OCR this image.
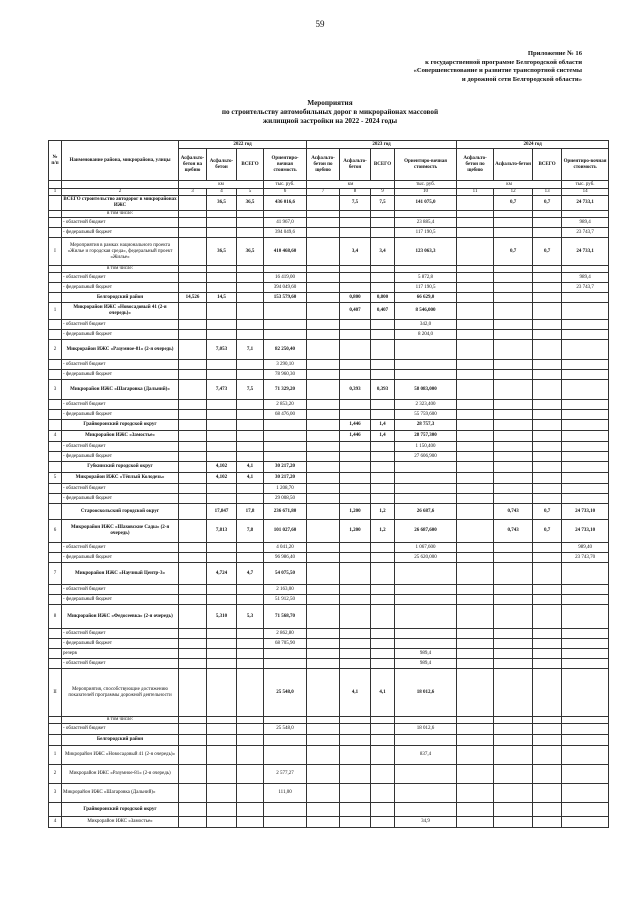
59
Приложение № 16
к государственной программе Белгородской области
«Совершенствование и развитие транспортной системы
и дорожной сети Белгородской области»
Мероприятия
по строительству автомобильных дорог в микрорайонах массовой
жилищной застройки на 2022 - 2024 годы
№ п/п	Наименование района, микрорайона, улицы	2022 год				2023 год				2024 год			
		Асфальто-бетон на щебню	Асфальто-бетон	ВСЕГО	Ориентиро-вочная стоимость	Асфальто-бетон по щебню	Асфальто-бетон	ВСЕГО	Ориентиро-вочная стоимость	Асфальто-бетон по щебню	Асфальто-бетон	ВСЕГО	Ориентиро-вочная стоимость
		км			тыс. руб.	км			тыс. руб.	км			тыс. руб.
1	2	3	4	5	6	7	8	9	10	11	12	13	14
	ВСЕГО строительство автодорог в микрорайонах ИЖС		36,5	36,5	436 016,6		7,5	7,5	141 075,0		0,7	0,7	24 733,1
	в том числе:												
	- областной бюджет				41 967,0				23 885,4				989,4
	- федеральный бюджет				394 049,6				117 190,5				23 743,7
I	Мероприятия в рамках национального проекта «Жилье и городская среда», федеральный проект «Жилье»		36,5	36,5	410 468,60		3,4	3,4	123 063,3		0,7	0,7	24 733,1
	в том числе:												
	- областной бюджет				16 419,00				5 872,8				989,4
	- федеральный бюджет				394 049,60				117 190,5				23 743,7
	Белгородский район	14,526	14,5		153 579,60		0,800	0,800	66 629,0				
1	Микрорайон ИЖС «Новосадовый 41 (2-я очередь)»						0,407	0,407	8 546,000				
	- областной бюджет								342,0				
	- федеральный бюджет								8 204,0				
2	Микрорайон ИЖС «Разумное-81» (2-я очередь)		7,053	7,1	82 250,40								
	- областной бюджет				3 290,10								
	- федеральный бюджет				78 960,30								
3	Микрорайон ИЖС «Шагаровка (Дальний)»		7,473	7,5	71 329,20		0,393	0,393	58 083,000				
	- областной бюджет				2 853,20				2 323,400				
	- федеральный бюджет				68 476,00				55 759,600				
	Грайворонский городской округ						1,446	1,4	28 757,3				
4	Микрорайон ИЖС «Замостье»						1,446	1,4	28 757,300				
	- областной бюджет								1 150,400				
	- федеральный бюджет								27 606,900				
	Губкинский городской округ		4,102	4,1	30 217,20								
5	Микрорайон ИЖС «Тёплый Колодезь»		4,102	4,1	30 217,20								
	- областной бюджет				1 208,70								
	- федеральный бюджет				29 008,50								
	Старооскольский городской округ		17,847	17,8	236 671,80		1,200	1,2	26 687,6		0,743	0,7	24 733,10
6	Микрорайон ИЖС «Шаховские Сады» (2-я очередь)		7,813	7,8	101 027,60		1,200	1,2	26 687,600		0,743	0,7	24 733,10
	- областной бюджет				4 041,20				1 067,600				989,40
	- федеральный бюджет				96 986,40				25 620,000				23 743,70
7	Микрорайон ИЖС «Научный Центр-3»		4,724	4,7	54 075,50								
	- областной бюджет				2 163,00								
	- федеральный бюджет				51 912,50								
8	Микрорайон ИЖС «Федосеевка» (2-я очередь)		5,310	5,3	71 568,70								
	- областной бюджет				2 862,80								
	- федеральный бюджет				68 705,90								
	резерв								989,4				
	- областной бюджет								989,4				
II	Мероприятия, способствующие достижению показателей программы дорожной деятельности				25 548,0		4,1	4,1	18 012,6				
	в том числе:												
	- областной бюджет				25 548,0				18 012,6				
	Белгородский район												
1	Микрорайон ИЖС «Новосадовый 41 (2-я очередь)»								837,4				
2	Микрорайон ИЖС «Разумное-81» (2-я очередь)				2 577,27								
3	Микрорайон ИЖС «Шагаровка (Дальний)»				111,00								
	Грайворонский городской округ												
4	Микрорайон ИЖС «Замостье»								34,9				
